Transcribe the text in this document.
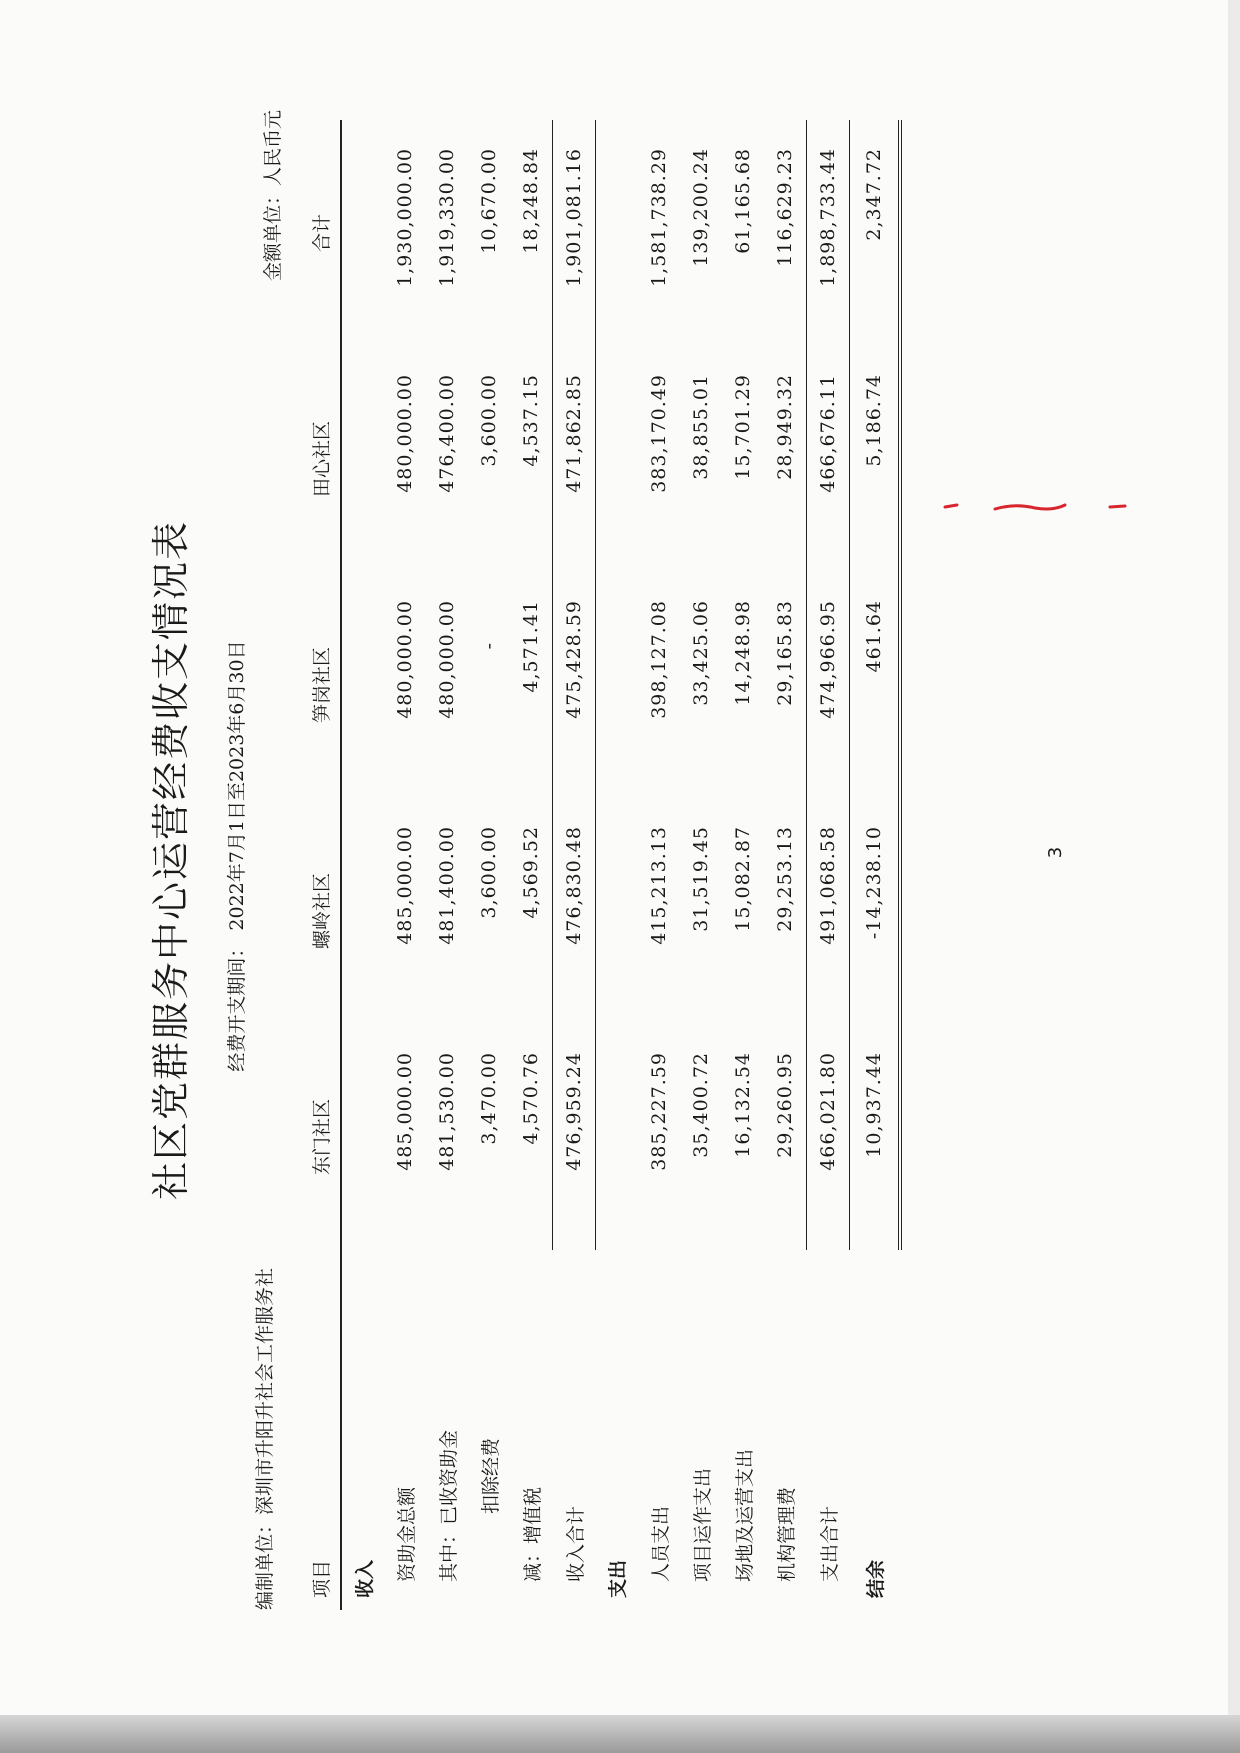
社区党群服务中心运营经费收支情况表 经费开支期间：2022年7月1日至2023年6月30日
编制单位：深圳市升阳升社会工作服务社
金额单位：人民币元
项目	东门社区	螺岭社区	笋岗社区	田心社区	合计
收入					
资助金总额	485,000.00	485,000.00	480,000.00	480,000.00	1,930,000.00
其中：已收资助金	481,530.00	481,400.00	480,000.00	476,400.00	1,919,330.00
扣除经费	3,470.00	3,600.00	-	3,600.00	10,670.00
减：增值税	4,570.76	4,569.52	4,571.41	4,537.15	18,248.84
收入合计	476,959.24	476,830.48	475,428.59	471,862.85	1,901,081.16
支出					
人员支出	385,227.59	415,213.13	398,127.08	383,170.49	1,581,738.29
项目运作支出	35,400.72	31,519.45	33,425.06	38,855.01	139,200.24
场地及运营支出	16,132.54	15,082.87	14,248.98	15,701.29	61,165.68
机构管理费	29,260.95	29,253.13	29,165.83	28,949.32	116,629.23
支出合计	466,021.80	491,068.58	474,966.95	466,676.11	1,898,733.44
结余	10,937.44	-14,238.10	461.64	5,186.74	2,347.72
3
